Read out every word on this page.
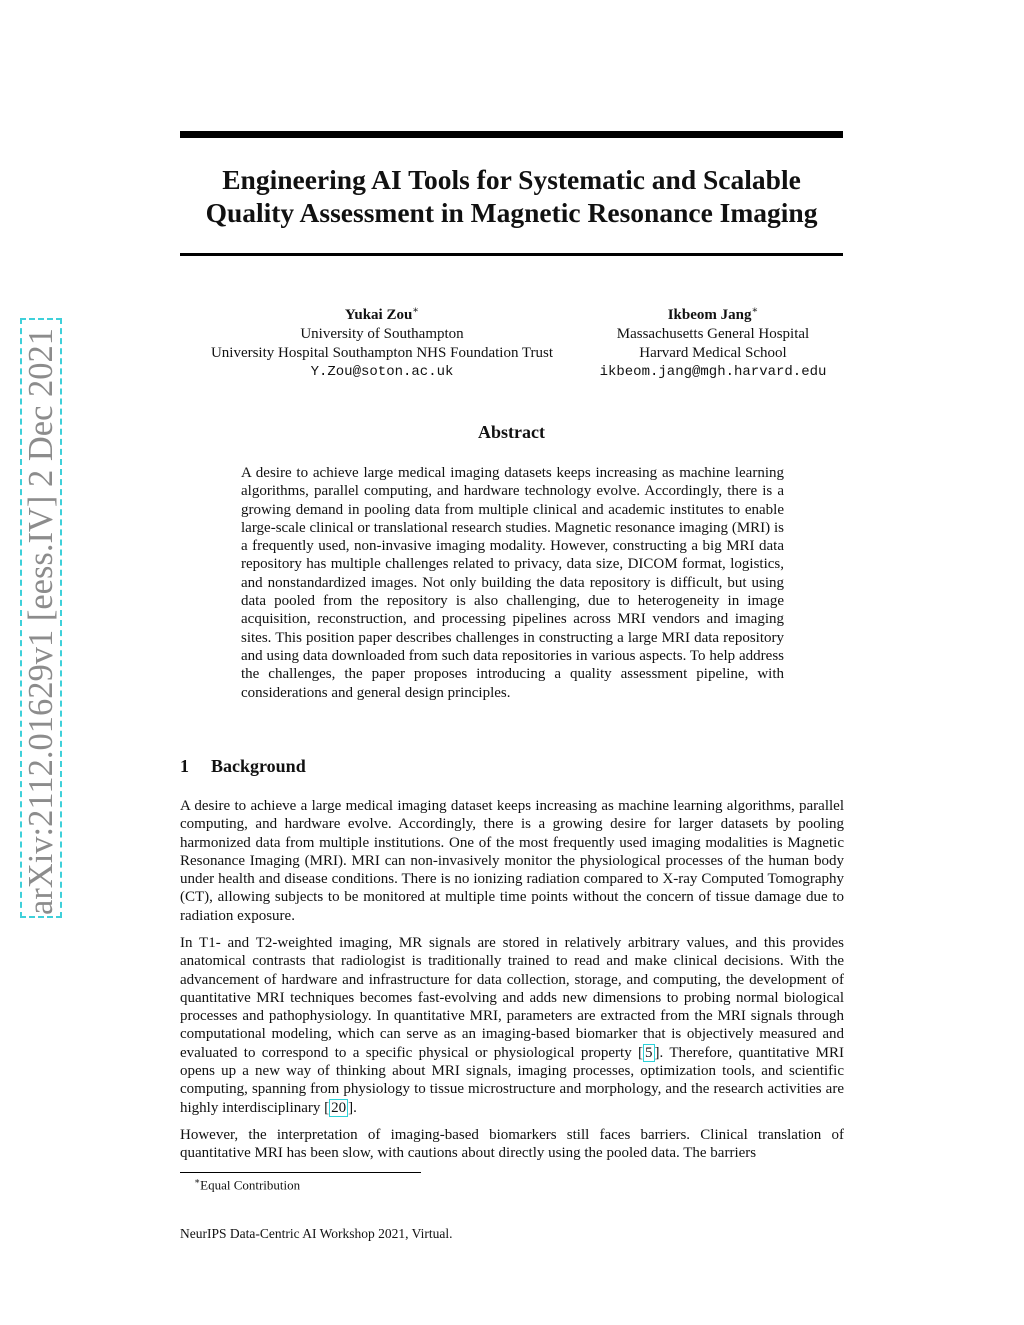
arXiv:2112.01629v1 [eess.IV] 2 Dec 2021
Engineering AI Tools for Systematic and Scalable
Quality Assessment in Magnetic Resonance Imaging
Yukai Zou∗
University of Southampton
University Hospital Southampton NHS Foundation Trust
Y.Zou@soton.ac.uk
Ikbeom Jang∗
Massachusetts General Hospital
Harvard Medical School
ikbeom.jang@mgh.harvard.edu
Abstract

A desire to achieve large medical imaging datasets keeps increasing as machine learning algorithms, parallel computing, and hardware technology evolve. Accordingly, there is a growing demand in pooling data from multiple clinical and academic institutes to enable large-scale clinical or translational research studies. Magnetic resonance imaging (MRI) is a frequently used, non-invasive imaging modality. However, constructing a big MRI data repository has multiple challenges related to privacy, data size, DICOM format, logistics, and nonstandardized images. Not only building the data repository is difficult, but using data pooled from the repository is also challenging, due to heterogeneity in image acquisition, reconstruction, and processing pipelines across MRI vendors and imaging sites. This position paper describes challenges in constructing a large MRI data repository and using data downloaded from such data repositories in various aspects. To help address the challenges, the paper proposes introducing a quality assessment pipeline, with considerations and general design principles.

1 Background

A desire to achieve a large medical imaging dataset keeps increasing as machine learning algorithms, parallel computing, and hardware evolve. Accordingly, there is a growing desire for larger datasets by pooling harmonized data from multiple institutions. One of the most frequently used imaging modalities is Magnetic Resonance Imaging (MRI). MRI can non-invasively monitor the physiological processes of the human body under health and disease conditions. There is no ionizing radiation compared to X-ray Computed Tomography (CT), allowing subjects to be monitored at multiple time points without the concern of tissue damage due to radiation exposure.

In T1- and T2-weighted imaging, MR signals are stored in relatively arbitrary values, and this provides anatomical contrasts that radiologist is traditionally trained to read and make clinical decisions. With the advancement of hardware and infrastructure for data collection, storage, and computing, the development of quantitative MRI techniques becomes fast-evolving and adds new dimensions to probing normal biological processes and pathophysiology. In quantitative MRI, parameters are extracted from the MRI signals through computational modeling, which can serve as an imaging-based biomarker that is objectively measured and evaluated to correspond to a specific physical or physiological property [ 5 ]. Therefore, quantitative MRI opens up a new way of thinking about MRI signals, imaging processes, optimization tools, and scientific computing, spanning from physiology to tissue microstructure and morphology, and the research activities are highly interdisciplinary [ 20 ].

However, the interpretation of imaging-based biomarkers still faces barriers. Clinical translation of quantitative MRI has been slow, with cautions about directly using the pooled data. The barriers

∗Equal Contribution

NeurIPS Data-Centric AI Workshop 2021, Virtual.
